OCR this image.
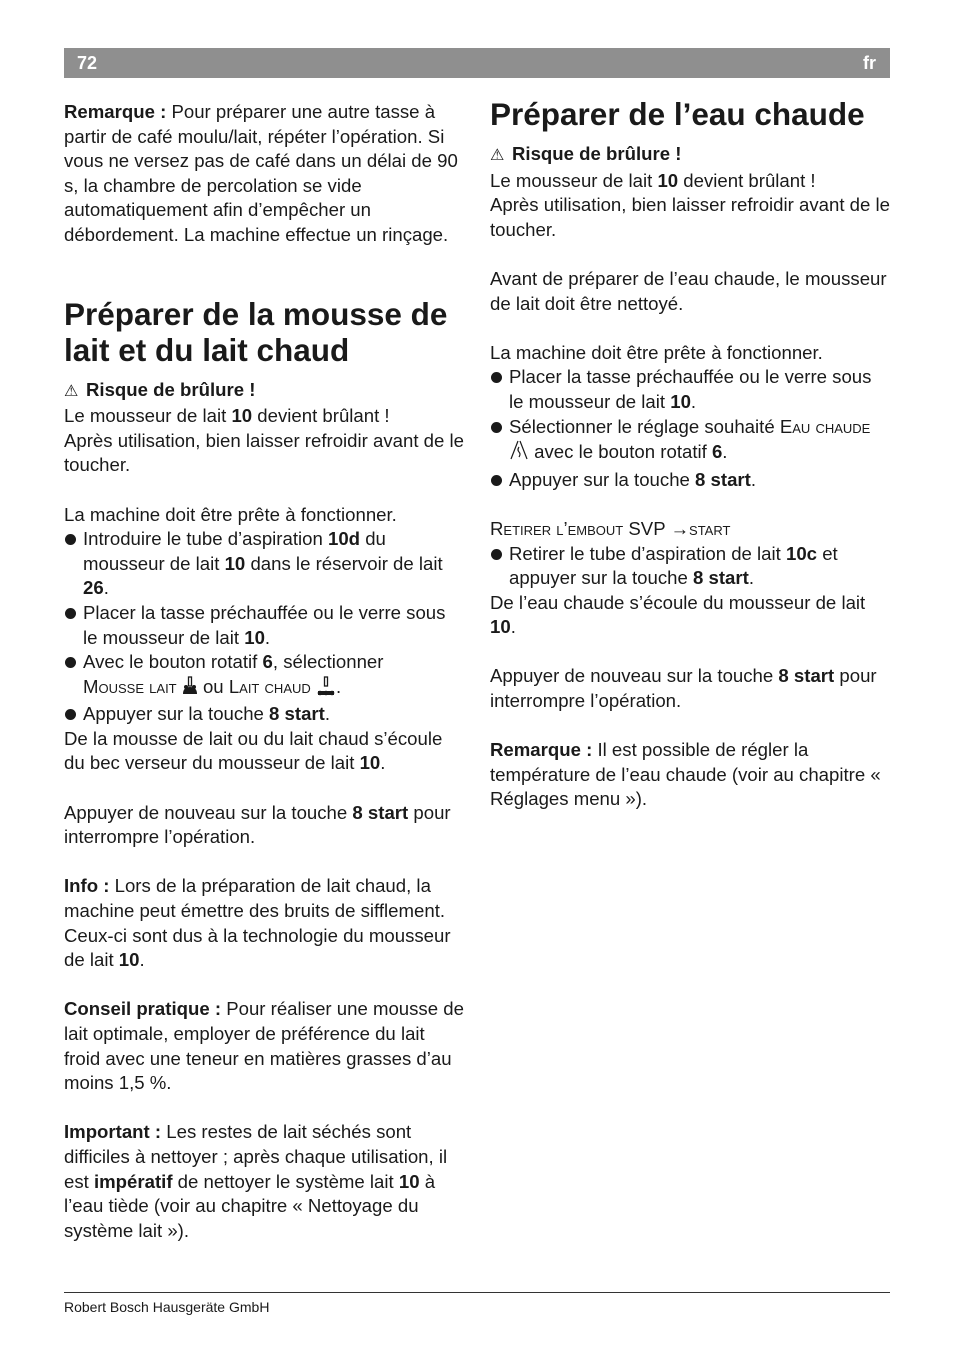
72	fr

Remarque : Pour préparer une autre tasse à partir de café moulu/lait, répéter l’opération. Si vous ne versez pas de café dans un délai de 90 s, la chambre de percolation se vide automatiquement afin d’empêcher un débordement. La machine effectue un rinçage.

Préparer de la mousse de lait et du lait chaud

⚠ Risque de brûlure !

Le mousseur de lait 10 devient brûlant !
Après utilisation, bien laisser refroidir avant de le toucher.

La machine doit être prête à fonctionner.

Introduire le tube d’aspiration 10d du mousseur de lait 10 dans le réservoir de lait 26.
Placer la tasse préchauffée ou le verre sous le mousseur de lait 10.
Avec le bouton rotatif 6, sélectionner
Mousse lait  ou Lait chaud .
Appuyer sur la touche 8 start.

De la mousse de lait ou du lait chaud s’écoule du bec verseur du mousseur de lait 10.

Appuyer de nouveau sur la touche 8 start pour interrompre l’opération.

Info : Lors de la préparation de lait chaud, la machine peut émettre des bruits de sifflement. Ceux-ci sont dus à la technologie du mousseur de lait 10.

Conseil pratique : Pour réaliser une mousse de lait optimale, employer de préférence du lait froid avec une teneur en matières grasses d’au moins 1,5 %.

Important : Les restes de lait séchés sont difficiles à nettoyer ; après chaque utilisation, il est impératif de nettoyer le système lait 10 à l’eau tiède (voir au chapitre « Nettoyage du système lait »).

Préparer de l’eau chaude

⚠ Risque de brûlure !

Le mousseur de lait 10 devient brûlant !
Après utilisation, bien laisser refroidir avant de le toucher.

Avant de préparer de l’eau chaude, le mousseur de lait doit être nettoyé.

La machine doit être prête à fonctionner.

Placer la tasse préchauffée ou le verre sous le mousseur de lait 10.
Sélectionner le réglage souhaité Eau chaude  avec le bouton rotatif 6.
Appuyer sur la touche 8 start.

Retirer l’embout SVP →start

Retirer le tube d’aspiration de lait 10c et appuyer sur la touche 8 start.

De l’eau chaude s’écoule du mousseur de lait 10.

Appuyer de nouveau sur la touche 8 start pour interrompre l’opération.

Remarque : Il est possible de régler la température de l’eau chaude (voir au chapitre « Réglages menu »).

Robert Bosch Hausgeräte GmbH
